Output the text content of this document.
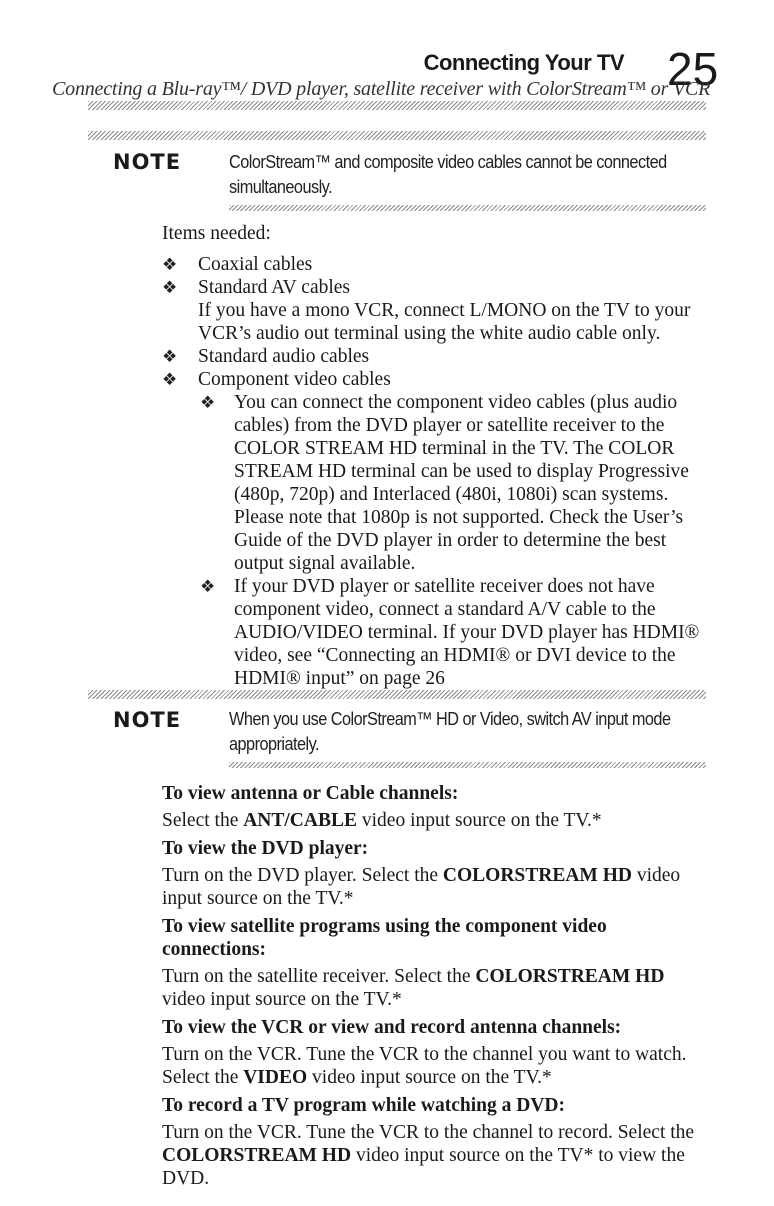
Connecting Your TV 25
Connecting a Blu-ray™/ DVD player, satellite receiver with ColorStream™ or VCR
NOTE	ColorStream™ and composite video cables cannot be connected
simultaneously.
Items needed:
❖ Coaxial cables
❖ Standard AV cables
If you have a mono VCR, connect L/MONO on the TV to your
VCR’s audio out terminal using the white audio cable only.
❖ Standard audio cables
❖ Component video cables
❖ You can connect the component video cables (plus audio
cables) from the DVD player or satellite receiver to the
COLOR STREAM HD terminal in the TV. The COLOR
STREAM HD terminal can be used to display Progressive
(480p, 720p) and Interlaced (480i, 1080i) scan systems.
Please note that 1080p is not supported. Check the User’s
Guide of the DVD player in order to determine the best
output signal available.
❖ If your DVD player or satellite receiver does not have
component video, connect a standard A/V cable to the
AUDIO/VIDEO terminal. If your DVD player has HDMI®
video, see “Connecting an HDMI® or DVI device to the
HDMI® input” on page 26
NOTE	When you use ColorStream™ HD or Video, switch AV input mode
appropriately.
To view antenna or Cable channels:
Select the ANT/CABLE video input source on the TV.*
To view the DVD player:
Turn on the DVD player. Select the COLORSTREAM HD video
input source on the TV.*
To view satellite programs using the component video
connections:
Turn on the satellite receiver. Select the COLORSTREAM HD
video input source on the TV.*
To view the VCR or view and record antenna channels:
Turn on the VCR. Tune the VCR to the channel you want to watch.
Select the VIDEO video input source on the TV.*
To record a TV program while watching a DVD:
Turn on the VCR. Tune the VCR to the channel to record. Select the
COLORSTREAM HD video input source on the TV* to view the
DVD.
